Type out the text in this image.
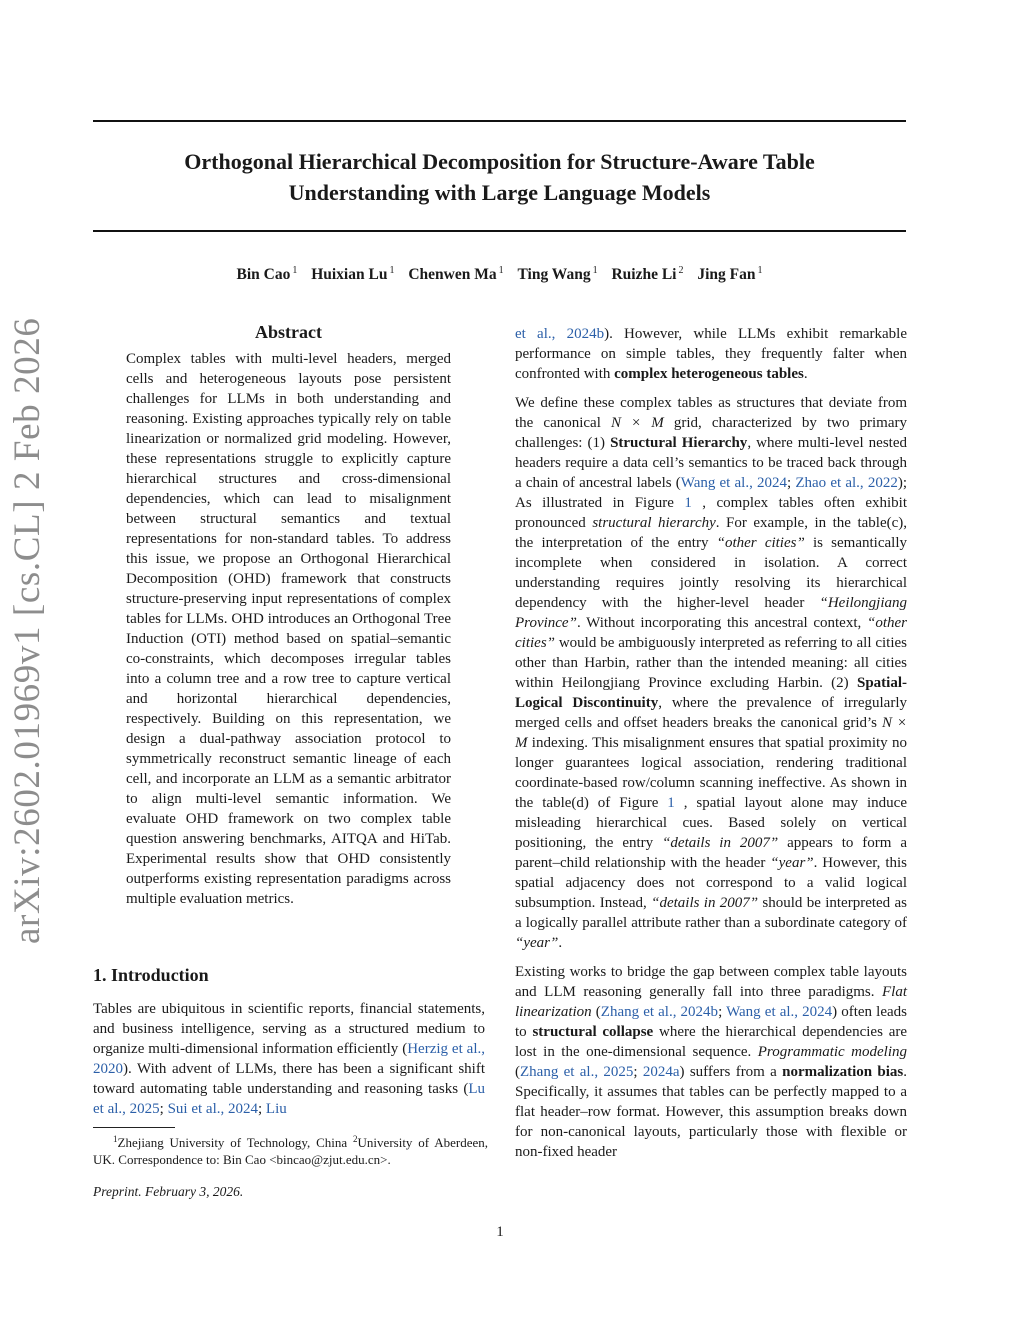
arXiv:2602.01969v1 [cs.CL] 2 Feb 2026
Orthogonal Hierarchical Decomposition for Structure-Aware Table
Understanding with Large Language Models
Bin Cao $^1$ Huixian Lu $^1$ Chenwen Ma $^1$ Ting Wang $^1$ Ruizhe Li $^2$ Jing Fan $^1$
Abstract

Complex tables with multi-level headers, merged cells and heterogeneous layouts pose persistent challenges for LLMs in both understanding and reasoning. Existing approaches typically rely on table linearization or normalized grid modeling. However, these representations struggle to explicitly capture hierarchical structures and cross-dimensional dependencies, which can lead to misalignment between structural semantics and textual representations for non-standard tables. To address this issue, we propose an Orthogonal Hierarchical Decomposition (OHD) framework that constructs structure-preserving input representations of complex tables for LLMs. OHD introduces an Orthogonal Tree Induction (OTI) method based on spatial–semantic co-constraints, which decomposes irregular tables into a column tree and a row tree to capture vertical and horizontal hierarchical dependencies, respectively. Building on this representation, we design a dual-pathway association protocol to symmetrically reconstruct semantic lineage of each cell, and incorporate an LLM as a semantic arbitrator to align multi-level semantic information. We evaluate OHD framework on two complex table question answering benchmarks, AITQA and HiTab. Experimental results show that OHD consistently outperforms existing representation paradigms across multiple evaluation metrics.

1. Introduction

Tables are ubiquitous in scientific reports, financial statements, and business intelligence, serving as a structured medium to organize multi-dimensional information efficiently (Herzig et al., 2020). With advent of LLMs, there has been a significant shift toward automating table understanding and reasoning tasks (Lu et al., 2025; Sui et al., 2024; Liu

et al., 2024b). However, while LLMs exhibit remarkable performance on simple tables, they frequently falter when confronted with complex heterogeneous tables.

We define these complex tables as structures that deviate from the canonical N × M grid, characterized by two primary challenges: (1) Structural Hierarchy, where multi-level nested headers require a data cell’s semantics to be traced back through a chain of ancestral labels (Wang et al., 2024; Zhao et al., 2022); As illustrated in Figure 1 , complex tables often exhibit pronounced structural hierarchy. For example, in the table(c), the interpretation of the entry “other cities” is semantically incomplete when considered in isolation. A correct understanding requires jointly resolving its hierarchical dependency with the higher-level header “Heilongjiang Province”. Without incorporating this ancestral context, “other cities” would be ambiguously interpreted as referring to all cities other than Harbin, rather than the intended meaning: all cities within Heilongjiang Province excluding Harbin. (2) Spatial-Logical Discontinuity, where the prevalence of irregularly merged cells and offset headers breaks the canonical grid’s N × M indexing. This misalignment ensures that spatial proximity no longer guarantees logical association, rendering traditional coordinate-based row/column scanning ineffective. As shown in the table(d) of Figure 1 , spatial layout alone may induce misleading hierarchical cues. Based solely on vertical positioning, the entry “details in 2007” appears to form a parent–child relationship with the header “year”. However, this spatial adjacency does not correspond to a valid logical subsumption. Instead, “details in 2007” should be interpreted as a logically parallel attribute rather than a subordinate category of “year”.

Existing works to bridge the gap between complex table layouts and LLM reasoning generally fall into three paradigms. Flat linearization (Zhang et al., 2024b; Wang et al., 2024) often leads to structural collapse where the hierarchical dependencies are lost in the one-dimensional sequence. Programmatic modeling (Zhang et al., 2025; 2024a) suffers from a normalization bias. Specifically, it assumes that tables can be perfectly mapped to a flat header–row format. However, this assumption breaks down for non-canonical layouts, particularly those with flexible or non-fixed header

$^1$Zhejiang University of Technology, China $^2$University of Aberdeen, UK. Correspondence to: Bin Cao <bincao@zjut.edu.cn>.
Preprint. February 3, 2026.
1
